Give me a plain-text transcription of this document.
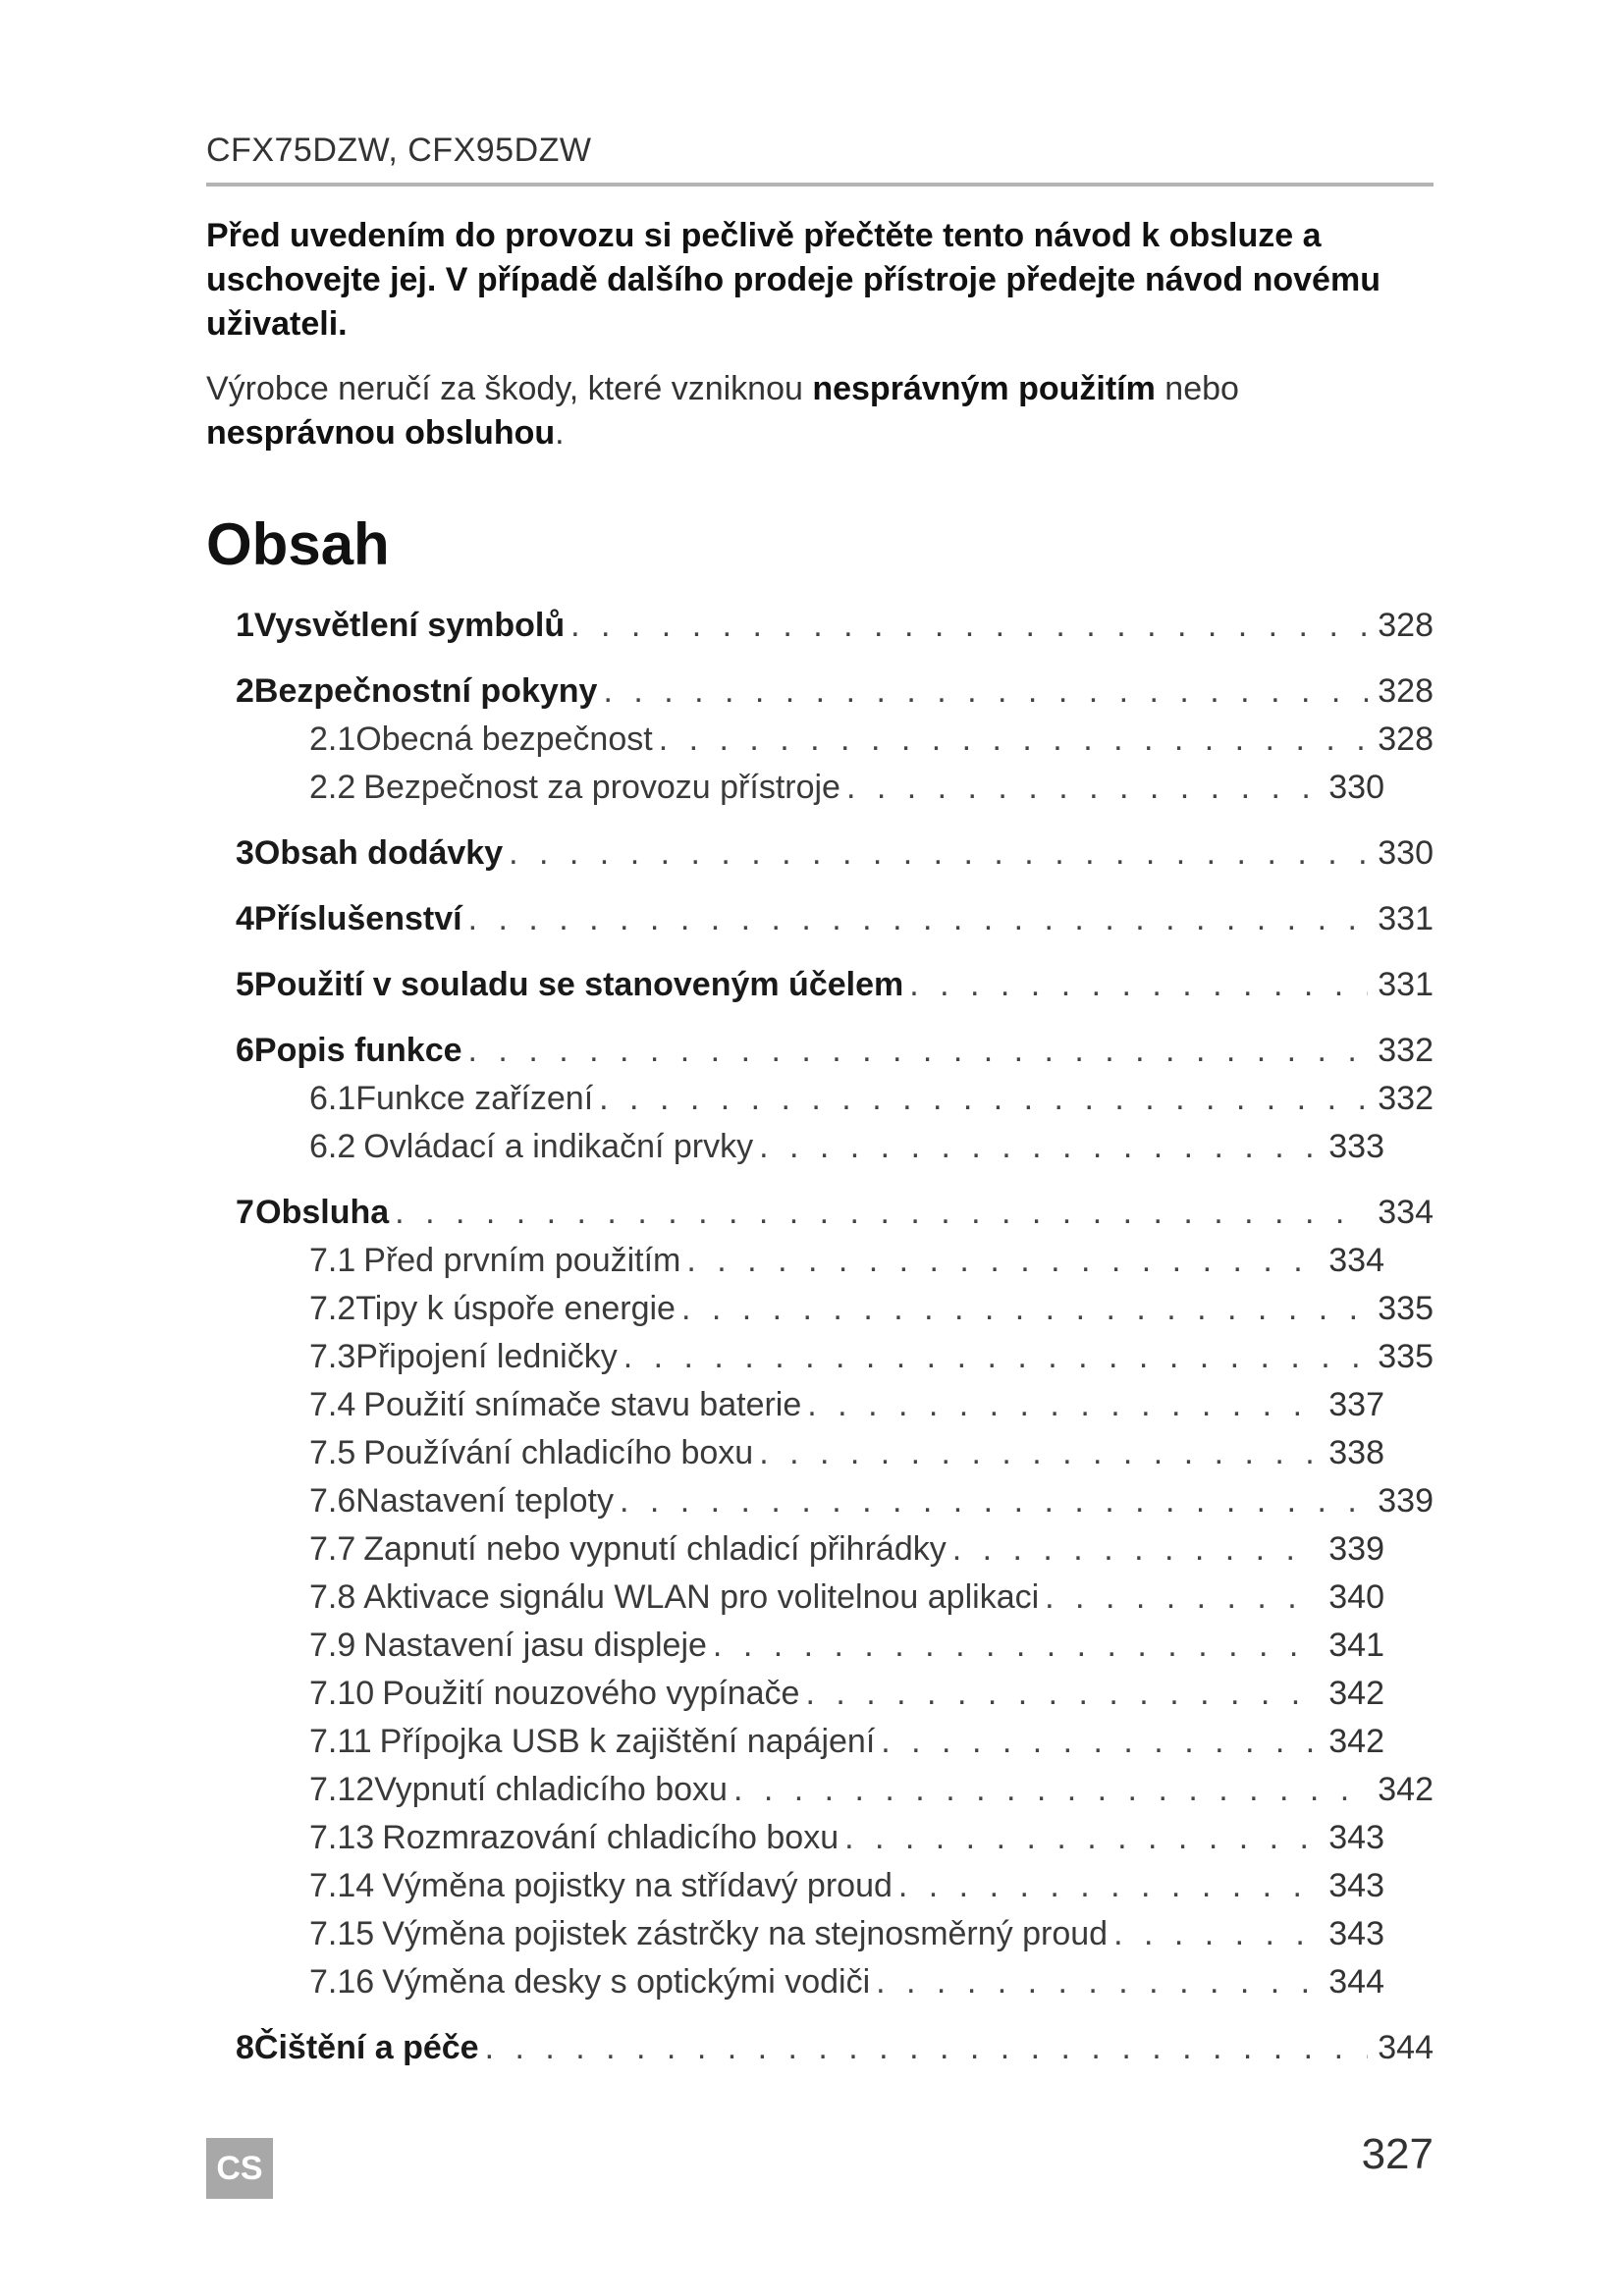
CFX75DZW, CFX95DZW
Před uvedením do provozu si pečlivě přečtěte tento návod k obsluze a uschovejte jej. V případě dalšího prodeje přístroje předejte návod novému uživateli.
Výrobce neručí za škody, které vzniknou nesprávným použitím nebo nesprávnou obsluhou.
Obsah
1 Vysvětlení symbolů . . .	328
2 Bezpečnostní pokyny . . .	328
2.1 Obecná bezpečnost . . .	328
2.2 Bezpečnost za provozu přístroje . . .	330
3 Obsah dodávky . . .	330
4 Příslušenství . . .	331
5 Použití v souladu se stanoveným účelem . . .	331
6 Popis funkce . . .	332
6.1 Funkce zařízení . . .	332
6.2 Ovládací a indikační prvky . . .	333
7 Obsluha . . .	334
7.1 Před prvním použitím . . .	334
7.2 Tipy k úspoře energie . . .	335
7.3 Připojení ledničky . . .	335
7.4 Použití snímače stavu baterie . . .	337
7.5 Používání chladicího boxu . . .	338
7.6 Nastavení teploty . . .	339
7.7 Zapnutí nebo vypnutí chladicí přihrádky . . .	339
7.8 Aktivace signálu WLAN pro volitelnou aplikaci . . .	340
7.9 Nastavení jasu displeje . . .	341
7.10 Použití nouzového vypínače . . .	342
7.11 Přípojka USB k zajištění napájení . . .	342
7.12 Vypnutí chladicího boxu . . .	342
7.13 Rozmrazování chladicího boxu . . .	343
7.14 Výměna pojistky na střídavý proud . . .	343
7.15 Výměna pojistek zástrčky na stejnosměrný proud . . .	343
7.16 Výměna desky s optickými vodiči . . .	344
8 Čištění a péče . . .	344
CS	327
